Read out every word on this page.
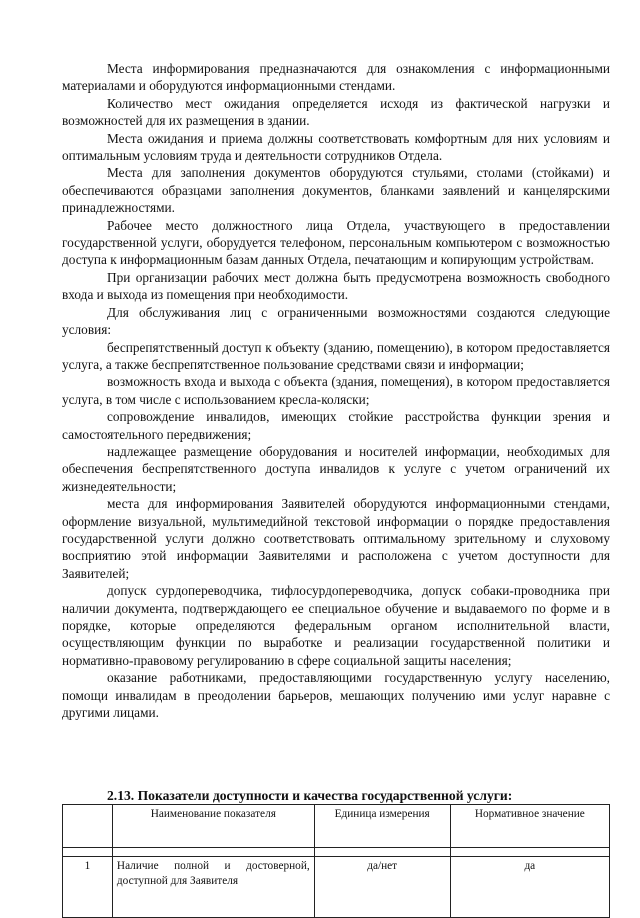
Места информирования предназначаются для ознакомления с информационными материалами и оборудуются информационными стендами.

Количество мест ожидания определяется исходя из фактической нагрузки и возможностей для их размещения в здании.

Места ожидания и приема должны соответствовать комфортным для них условиям и оптимальным условиям труда и деятельности сотрудников Отдела.

Места для заполнения документов оборудуются стульями, столами (стойками) и обеспечиваются образцами заполнения документов, бланками заявлений и канцелярскими принадлежностями.

Рабочее место должностного лица Отдела, участвующего в предоставлении государственной услуги, оборудуется телефоном, персональным компьютером с возможностью доступа к информационным базам данных Отдела, печатающим и копирующим устройствам.

При организации рабочих мест должна быть предусмотрена возможность свободного входа и выхода из помещения при необходимости.

Для обслуживания лиц с ограниченными возможностями создаются следующие условия:

беспрепятственный доступ к объекту (зданию, помещению), в котором предоставляется услуга, а также беспрепятственное пользование средствами связи и информации;

возможность входа и выхода с объекта (здания, помещения), в котором предоставляется услуга, в том числе с использованием кресла-коляски;

сопровождение инвалидов, имеющих стойкие расстройства функции зрения и самостоятельного передвижения;

надлежащее размещение оборудования и носителей информации, необходимых для обеспечения беспрепятственного доступа инвалидов к услуге с учетом ограничений их жизнедеятельности;

места для информирования Заявителей оборудуются информационными стендами, оформление визуальной, мультимедийной текстовой информации о порядке предоставления государственной услуги должно соответствовать оптимальному зрительному и слуховому восприятию этой информации Заявителями и расположена с учетом доступности для Заявителей;

допуск сурдопереводчика, тифлосурдопереводчика, допуск собаки-проводника при наличии документа, подтверждающего ее специальное обучение и выдаваемого по форме и в порядке, которые определяются федеральным органом исполнительной власти, осуществляющим функции по выработке и реализации государственной политики и нормативно-правовому регулированию в сфере социальной защиты населения;

оказание работниками, предоставляющими государственную услугу населению, помощи инвалидам в преодолении барьеров, мешающих получению ими услуг наравне с другими лицами.

2.13. Показатели доступности и качества государственной услуги:

	Наименование показателя	Единица измерения	Нормативное значение

1	Наличие полной и достоверной, доступной для Заявителя	да/нет	да
